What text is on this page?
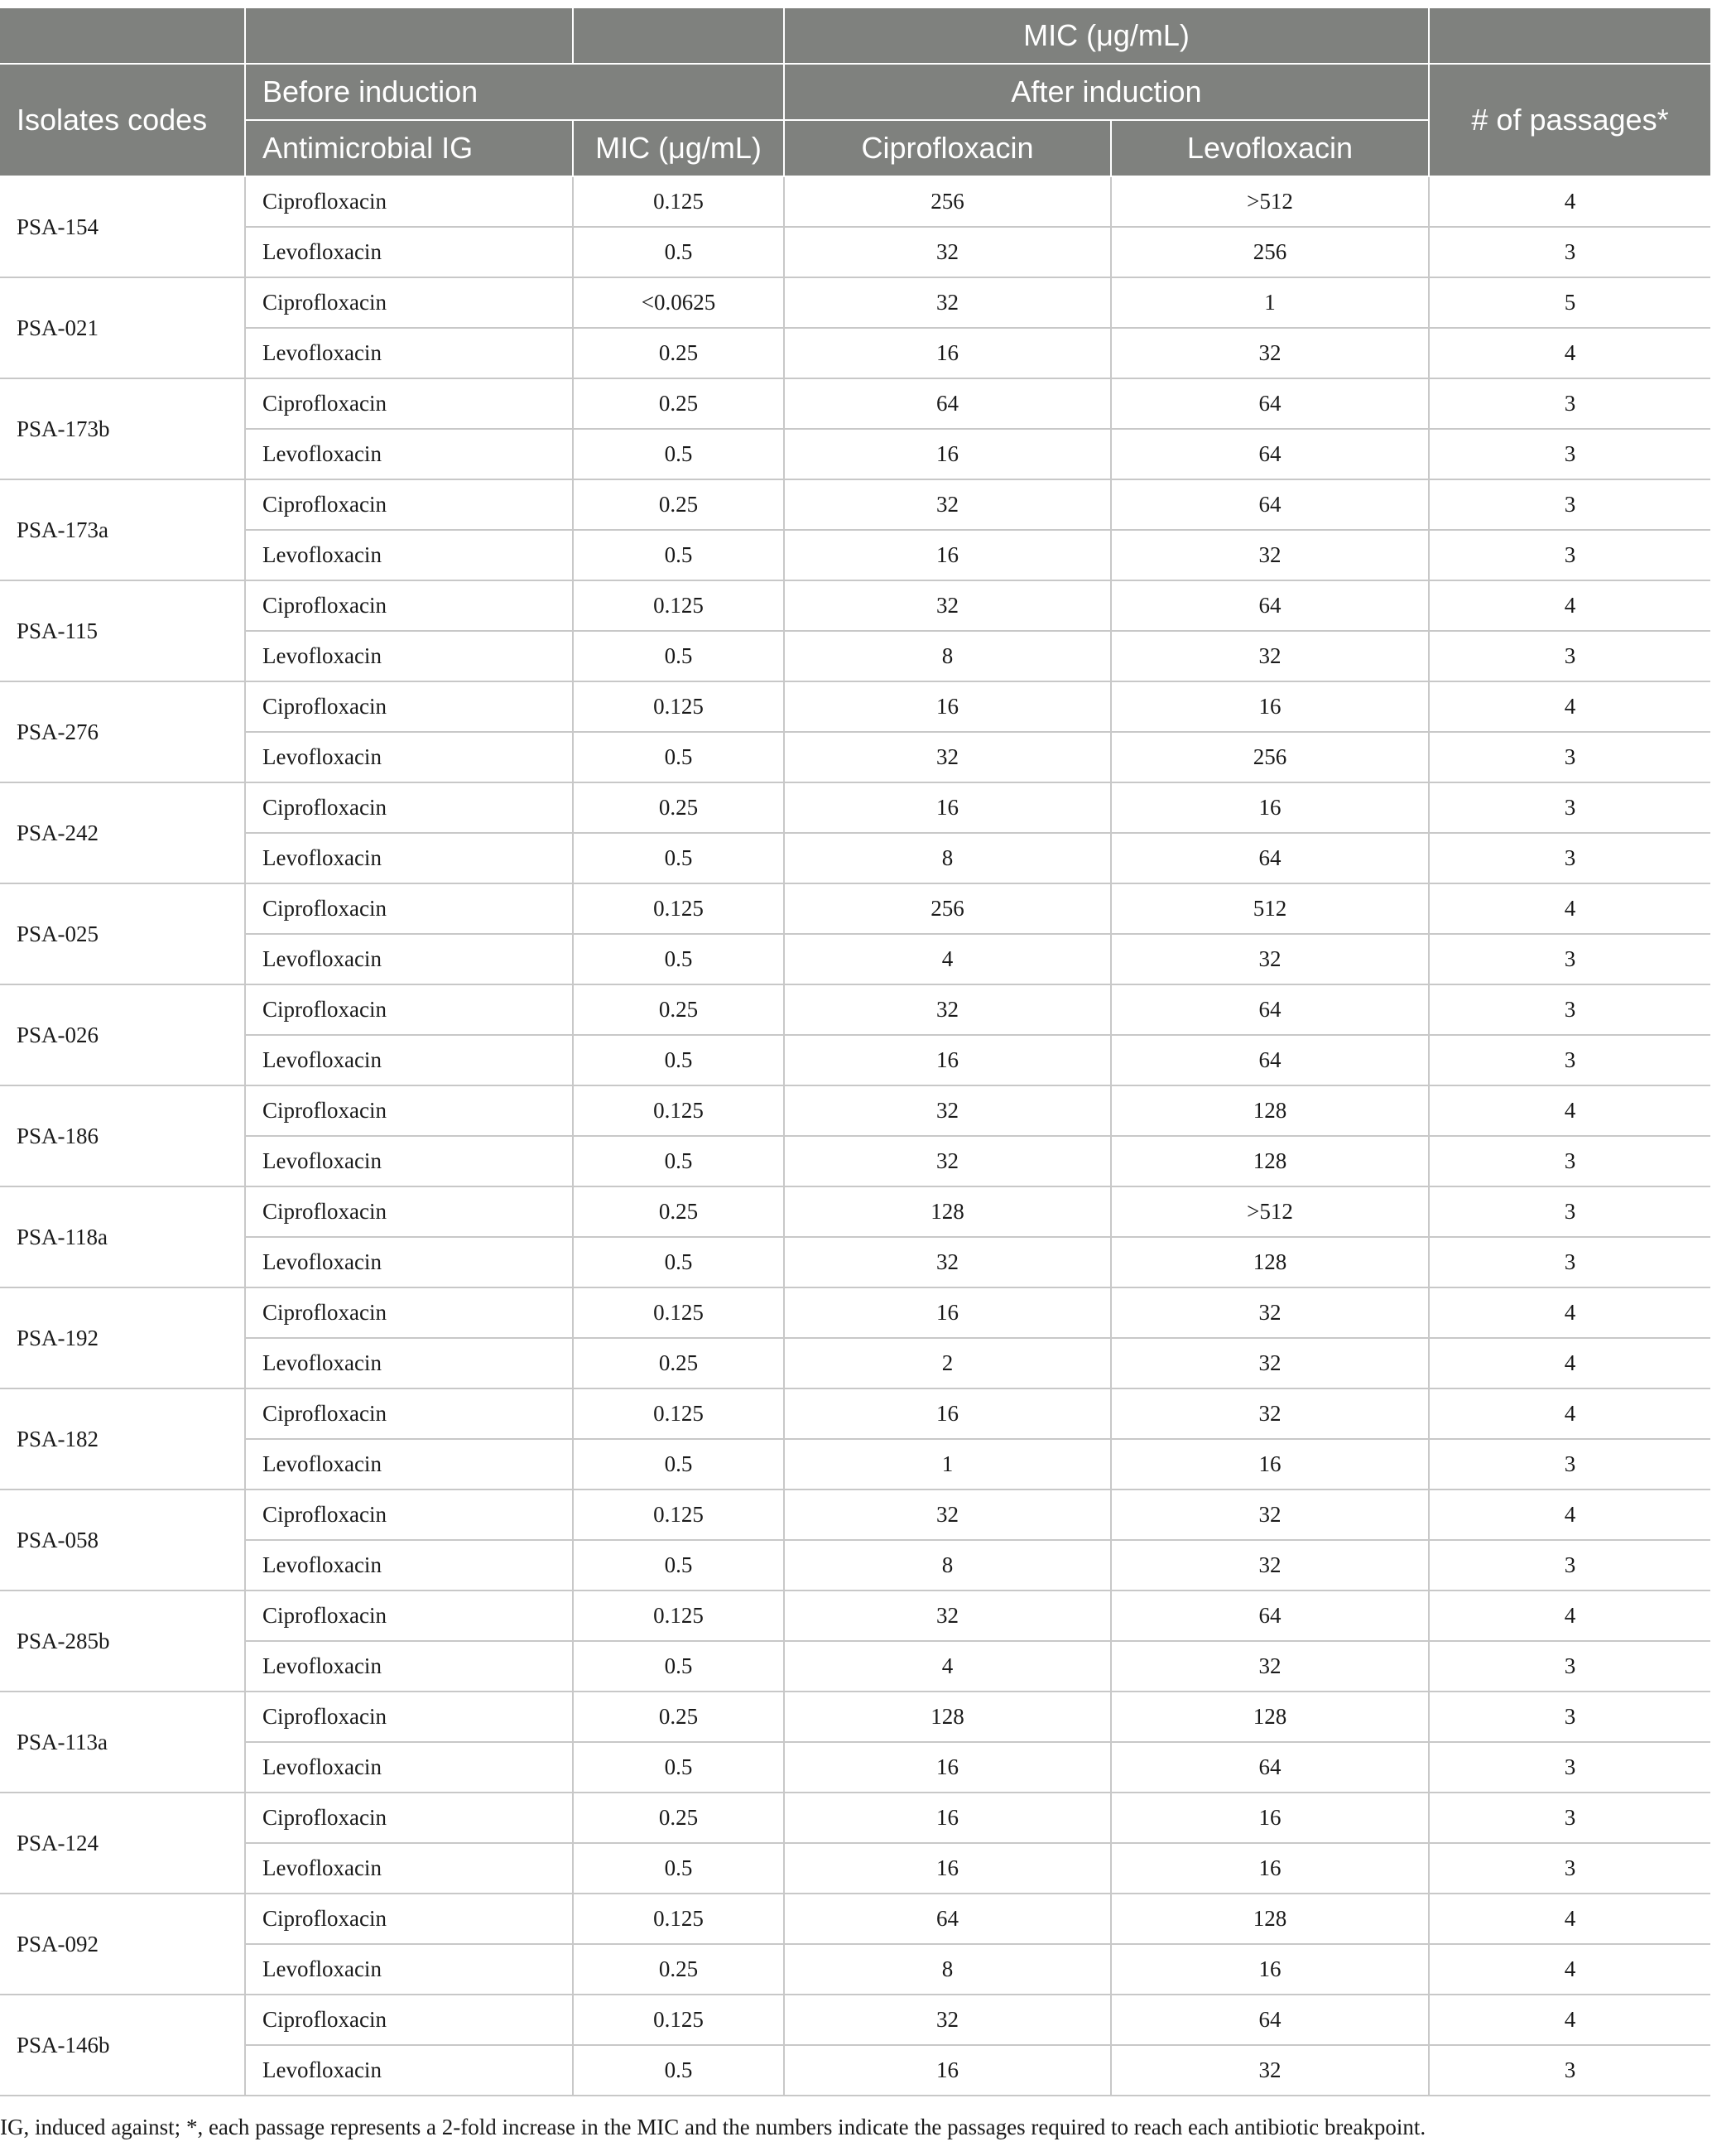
			MIC (μg/mL)		
Isolates codes	Before induction		After induction		# of passages*
	Antimicrobial IG	MIC (μg/mL)	Ciprofloxacin	Levofloxacin	
PSA-154	Ciprofloxacin	0.125	256	>512	4
	Levofloxacin	0.5	32	256	3
PSA-021	Ciprofloxacin	<0.0625	32	1	5
	Levofloxacin	0.25	16	32	4
PSA-173b	Ciprofloxacin	0.25	64	64	3
	Levofloxacin	0.5	16	64	3
PSA-173a	Ciprofloxacin	0.25	32	64	3
	Levofloxacin	0.5	16	32	3
PSA-115	Ciprofloxacin	0.125	32	64	4
	Levofloxacin	0.5	8	32	3
PSA-276	Ciprofloxacin	0.125	16	16	4
	Levofloxacin	0.5	32	256	3
PSA-242	Ciprofloxacin	0.25	16	16	3
	Levofloxacin	0.5	8	64	3
PSA-025	Ciprofloxacin	0.125	256	512	4
	Levofloxacin	0.5	4	32	3
PSA-026	Ciprofloxacin	0.25	32	64	3
	Levofloxacin	0.5	16	64	3
PSA-186	Ciprofloxacin	0.125	32	128	4
	Levofloxacin	0.5	32	128	3
PSA-118a	Ciprofloxacin	0.25	128	>512	3
	Levofloxacin	0.5	32	128	3
PSA-192	Ciprofloxacin	0.125	16	32	4
	Levofloxacin	0.25	2	32	4
PSA-182	Ciprofloxacin	0.125	16	32	4
	Levofloxacin	0.5	1	16	3
PSA-058	Ciprofloxacin	0.125	32	32	4
	Levofloxacin	0.5	8	32	3
PSA-285b	Ciprofloxacin	0.125	32	64	4
	Levofloxacin	0.5	4	32	3
PSA-113a	Ciprofloxacin	0.25	128	128	3
	Levofloxacin	0.5	16	64	3
PSA-124	Ciprofloxacin	0.25	16	16	3
	Levofloxacin	0.5	16	16	3
PSA-092	Ciprofloxacin	0.125	64	128	4
	Levofloxacin	0.25	8	16	4
PSA-146b	Ciprofloxacin	0.125	32	64	4
	Levofloxacin	0.5	16	32	3
IG, induced against; *, each passage represents a 2-fold increase in the MIC and the numbers indicate the passages required to reach each antibiotic breakpoint.
